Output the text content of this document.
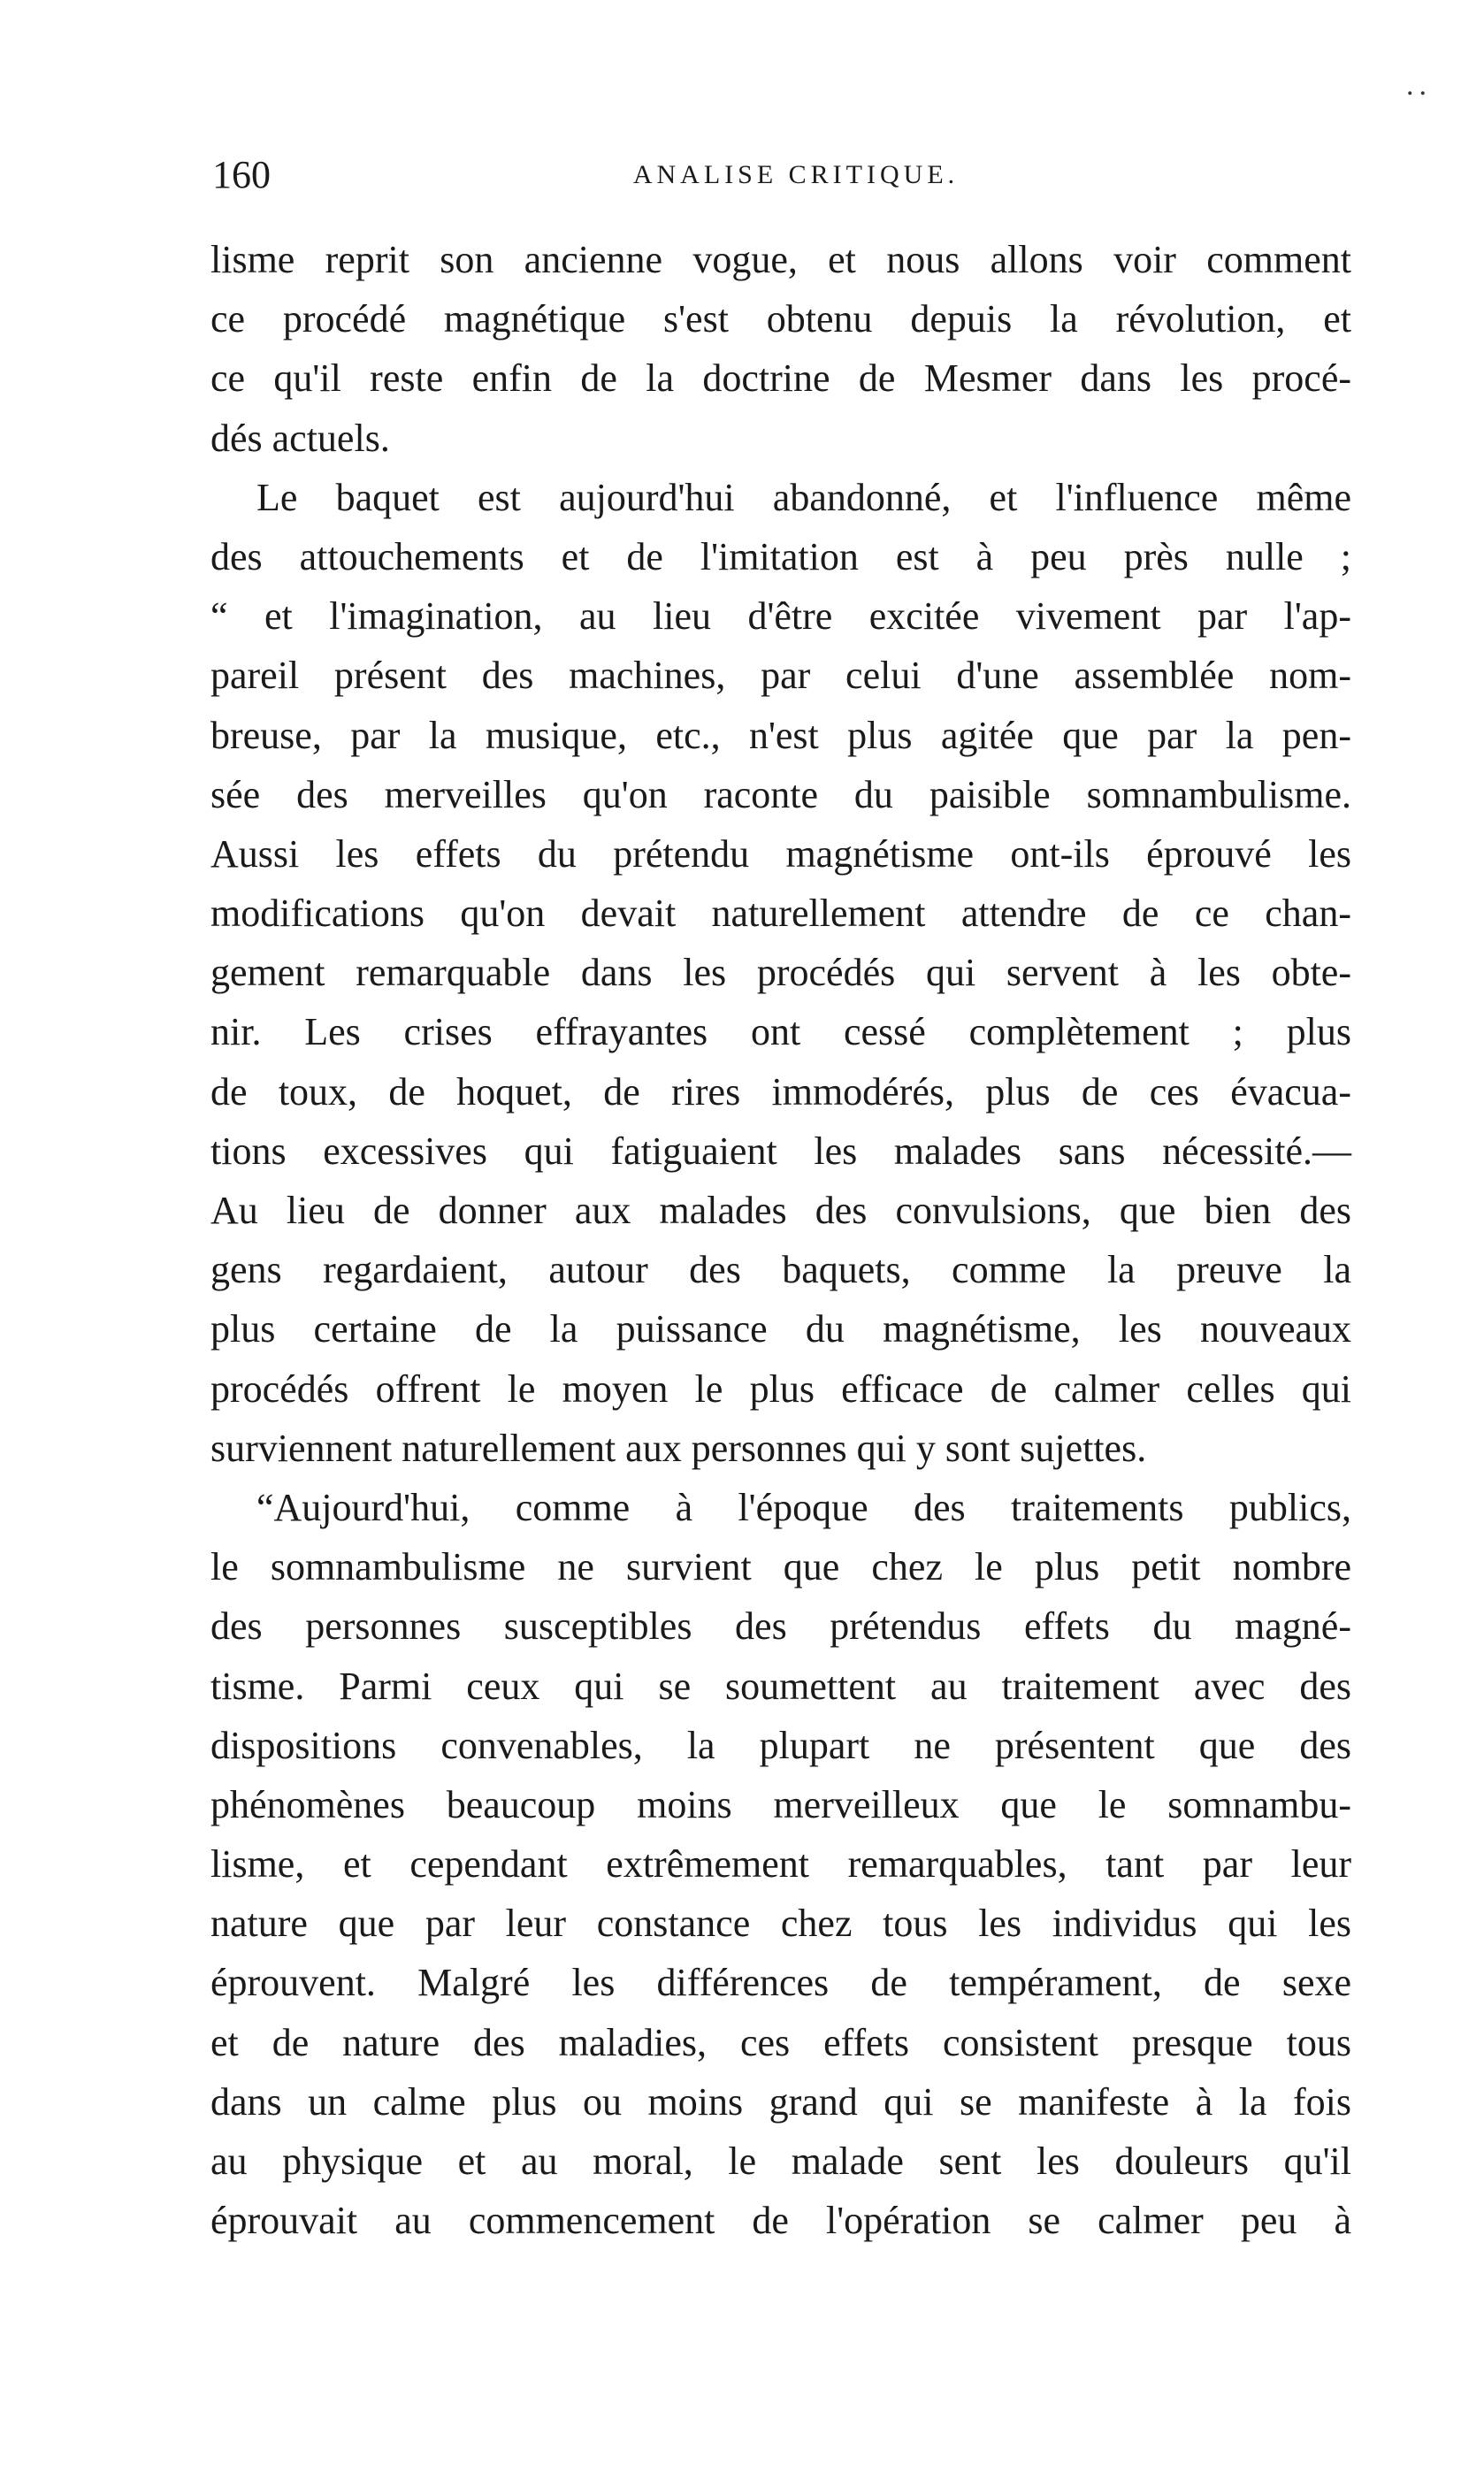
..
160	ANALISE CRITIQUE.
lisme reprit son ancienne vogue, et nous allons voir comment
ce procédé magnétique s'est obtenu depuis la révolution, et
ce qu'il reste enfin de la doctrine de Mesmer dans les procé-
dés actuels.
Le baquet est aujourd'hui abandonné, et l'influence même
des attouchements et de l'imitation est à peu près nulle ;
“ et l'imagination, au lieu d'être excitée vivement par l'ap-
pareil présent des machines, par celui d'une assemblée nom-
breuse, par la musique, etc., n'est plus agitée que par la pen-
sée des merveilles qu'on raconte du paisible somnambulisme.
Aussi les effets du prétendu magnétisme ont-ils éprouvé les
modifications qu'on devait naturellement attendre de ce chan-
gement remarquable dans les procédés qui servent à les obte-
nir. Les crises effrayantes ont cessé complètement ; plus
de toux, de hoquet, de rires immodérés, plus de ces évacua-
tions excessives qui fatiguaient les malades sans nécessité.—
Au lieu de donner aux malades des convulsions, que bien des
gens regardaient, autour des baquets, comme la preuve la
plus certaine de la puissance du magnétisme, les nouveaux
procédés offrent le moyen le plus efficace de calmer celles qui
surviennent naturellement aux personnes qui y sont sujettes.
“Aujourd'hui, comme à l'époque des traitements publics,
le somnambulisme ne survient que chez le plus petit nombre
des personnes susceptibles des prétendus effets du magné-
tisme. Parmi ceux qui se soumettent au traitement avec des
dispositions convenables, la plupart ne présentent que des
phénomènes beaucoup moins merveilleux que le somnambu-
lisme, et cependant extrêmement remarquables, tant par leur
nature que par leur constance chez tous les individus qui les
éprouvent. Malgré les différences de tempérament, de sexe
et de nature des maladies, ces effets consistent presque tous
dans un calme plus ou moins grand qui se manifeste à la fois
au physique et au moral, le malade sent les douleurs qu'il
éprouvait au commencement de l'opération se calmer peu à
